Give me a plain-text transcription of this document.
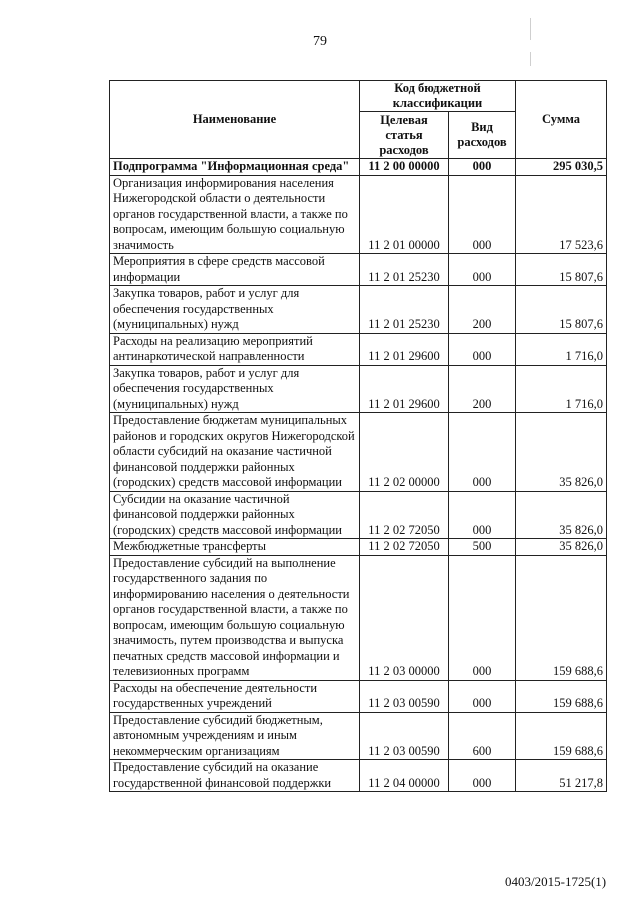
79
Наименование	Код бюджетной классификации		Сумма
	Целевая статья расходов	Вид расходов	
Подпрограмма "Информационная среда"	11 2 00 00000	000	295 030,5
Организация информирования населения Нижегородской области о деятельности органов государственной власти, а также по вопросам, имеющим большую социальную значимость	11 2 01 00000	000	17 523,6
Мероприятия в сфере средств массовой информации	11 2 01 25230	000	15 807,6
Закупка товаров, работ и услуг для обеспечения государственных (муниципальных) нужд	11 2 01 25230	200	15 807,6
Расходы на реализацию мероприятий антинаркотической направленности	11 2 01 29600	000	1 716,0
Закупка товаров, работ и услуг для обеспечения государственных (муниципальных) нужд	11 2 01 29600	200	1 716,0
Предоставление бюджетам муниципальных районов и городских округов Нижегородской области субсидий на оказание частичной финансовой поддержки районных (городских) средств массовой информации	11 2 02 00000	000	35 826,0
Субсидии на оказание частичной финансовой поддержки районных (городских) средств массовой информации	11 2 02 72050	000	35 826,0
Межбюджетные трансферты	11 2 02 72050	500	35 826,0
Предоставление субсидий на выполнение государственного задания по информированию населения о деятельности органов государственной власти, а также по вопросам, имеющим большую социальную значимость, путем производства и выпуска печатных средств массовой информации и телевизионных программ	11 2 03 00000	000	159 688,6
Расходы на обеспечение деятельности государственных учреждений	11 2 03 00590	000	159 688,6
Предоставление субсидий бюджетным, автономным учреждениям и иным некоммерческим организациям	11 2 03 00590	600	159 688,6
Предоставление субсидий на оказание государственной финансовой поддержки	11 2 04 00000	000	51 217,8
0403/2015-1725(1)
